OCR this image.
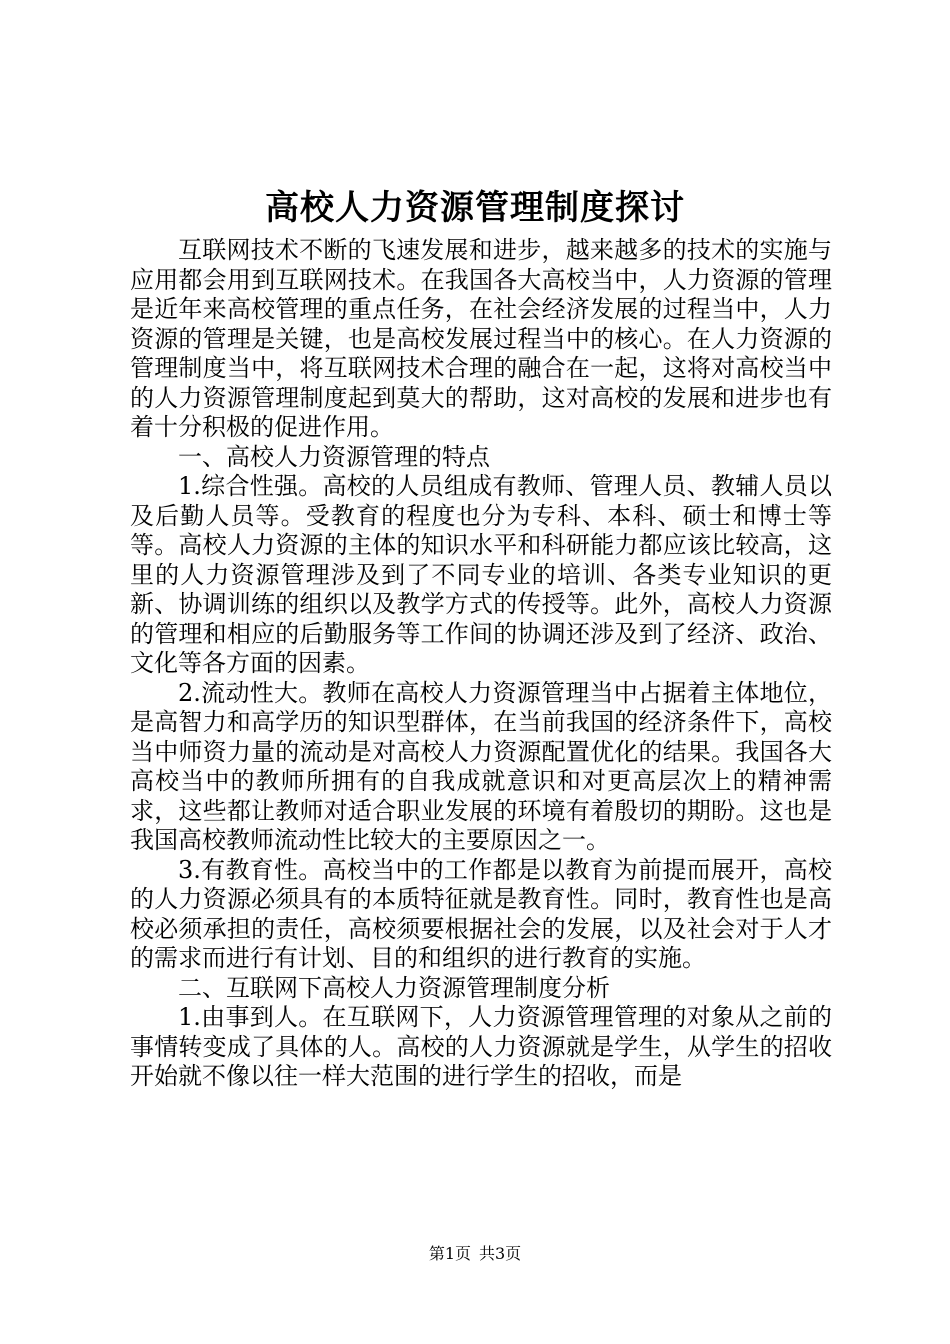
高校人力资源管理制度探讨

互联网技术不断的飞速发展和进步，越来越多的技术的实施与应用都会用到互联网技术。在我国各大高校当中，人力资源的管理是近年来高校管理的重点任务，在社会经济发展的过程当中，人力资源的管理是关键，也是高校发展过程当中的核心。在人力资源的管理制度当中，将互联网技术合理的融合在一起，这将对高校当中的人力资源管理制度起到莫大的帮助，这对高校的发展和进步也有着十分积极的促进作用。

一、高校人力资源管理的特点

1.综合性强。高校的人员组成有教师、管理人员、教辅人员以及后勤人员等。受教育的程度也分为专科、本科、硕士和博士等等。高校人力资源的主体的知识水平和科研能力都应该比较高，这里的人力资源管理涉及到了不同专业的培训、各类专业知识的更新、协调训练的组织以及教学方式的传授等。此外，高校人力资源的管理和相应的后勤服务等工作间的协调还涉及到了经济、政治、文化等各方面的因素。

2.流动性大。教师在高校人力资源管理当中占据着主体地位，是高智力和高学历的知识型群体，在当前我国的经济条件下，高校当中师资力量的流动是对高校人力资源配置优化的结果。我国各大高校当中的教师所拥有的自我成就意识和对更高层次上的精神需求，这些都让教师对适合职业发展的环境有着殷切的期盼。这也是我国高校教师流动性比较大的主要原因之一。

3.有教育性。高校当中的工作都是以教育为前提而展开，高校的人力资源必须具有的本质特征就是教育性。同时，教育性也是高校必须承担的责任，高校须要根据社会的发展，以及社会对于人才的需求而进行有计划、目的和组织的进行教育的实施。

二、互联网下高校人力资源管理制度分析

1.由事到人。在互联网下，人力资源管理管理的对象从之前的事情转变成了具体的人。高校的人力资源就是学生，从学生的招收开始就不像以往一样大范围的进行学生的招收，而是

第1页 共3页
